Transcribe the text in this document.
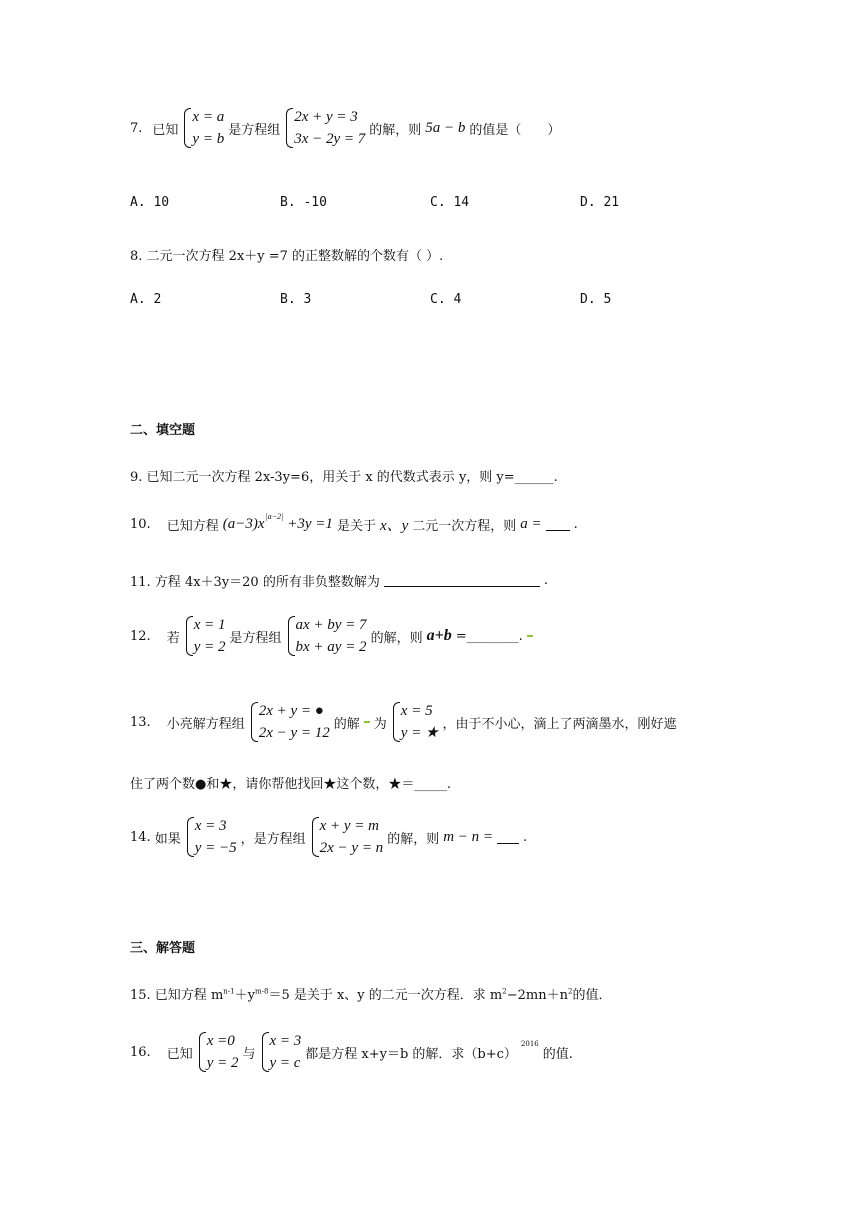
7. 已知
x = a
y = b
是方程组
2x + y = 3
3x − 2y = 7
的解，则 5a − b 的值是（　　）
A. 10	B. -10	C. 14	D. 21
8. 二元一次方程 2x＋y =7 的正整数解的个数有（ ）.
A. 2	B. 3	C. 4	D. 5
二、填空题
9. 已知二元一次方程 2x-3y=6，用关于 x 的代数式表示 y，则 y=______.
10. 已知方程 $(a-3)x^{|a-2|} +3y =1$ 是关于 x、y 二元一次方程，则 a = .
11. 方程 4x＋3y＝20 的所有非负整数解为	.
12. 若
x = 1
y = 2
是方程组
ax + by = 7
bx + ay = 2
的解，则 a+b =________.
13. 小亮解方程组
2x + y = ●
2x − y = 12
的解 为
x = 5
y = ★
，由于不小心，滴上了两滴墨水，刚好遮
住了两个数●和★，请你帮他找回★这个数，★＝_____.
14. 如果
x = 3
y = −5
，是方程组
x + y = m
2x − y = n
的解，则 m − n = .
三、解答题
15. 已知方程 $m^{n-1}+y^{m-8}=5$ 是关于 x、y 的二元一次方程．求 $m^2-2mn+n^2$的值．
16. 已知
x =0
y = 2
与
x = 3
y = c
都是方程 x+y＝b 的解．求（b+c）
$^{2016}$
的值.
